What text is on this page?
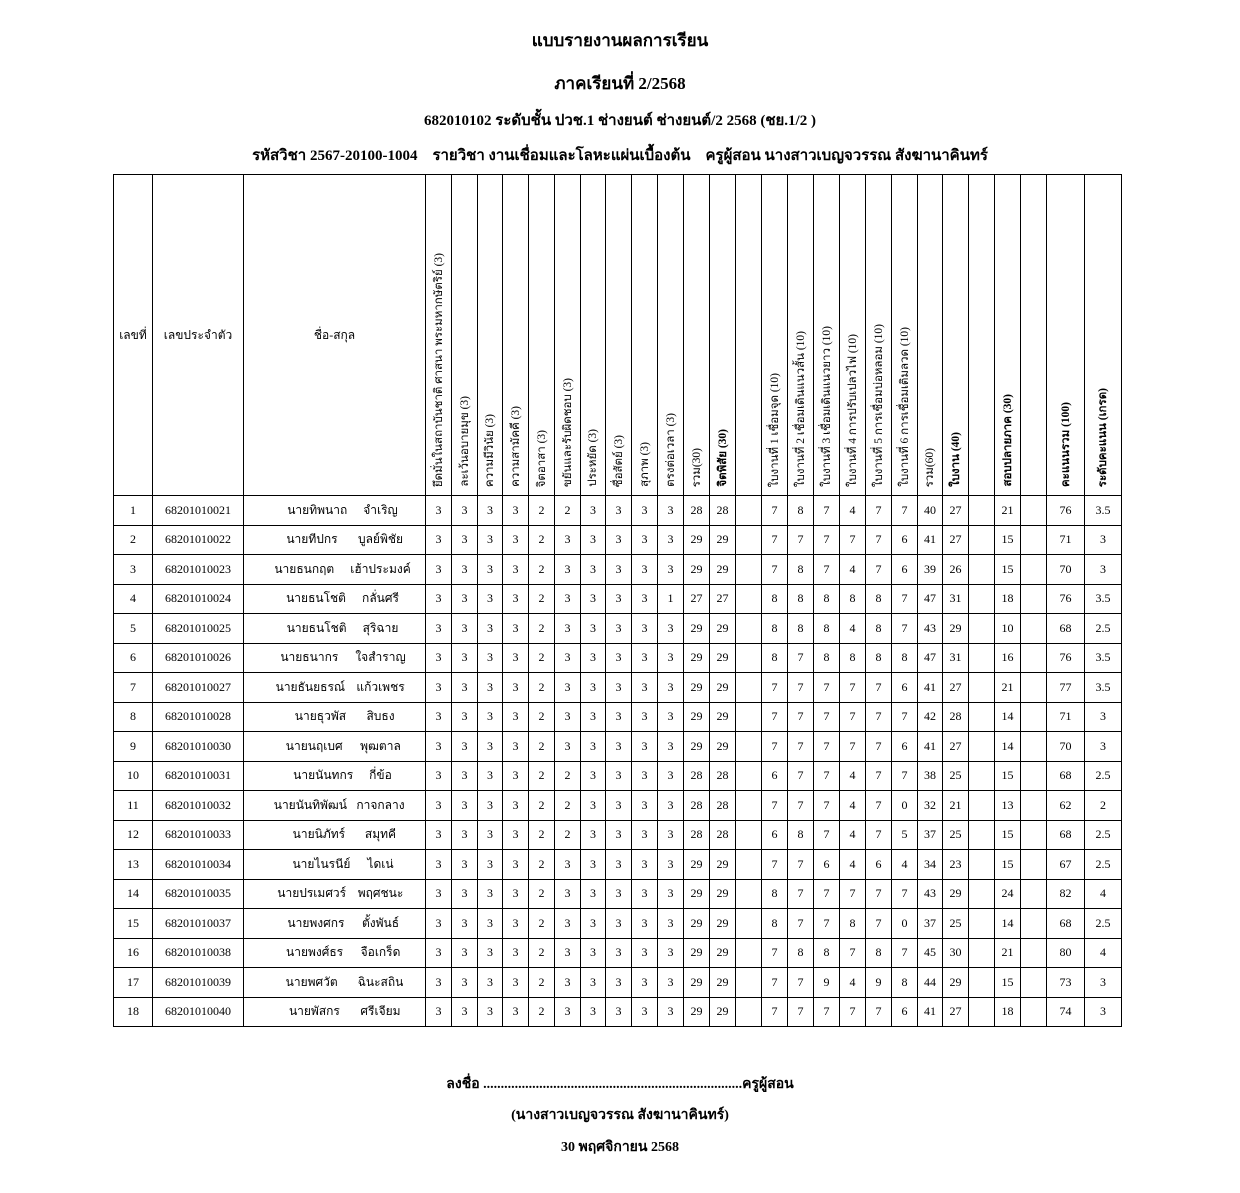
แบบรายงานผลการเรียน
ภาคเรียนที่ 2/2568
682010102 ระดับชั้น ปวช.1 ช่างยนต์ ช่างยนต์/2 2568 (ชย.1/2 )
รหัสวิชา 2567-20100-1004 รายวิชา งานเชื่อมและโลหะแผ่นเบื้องต้น ครูผู้สอน นางสาวเบญจวรรณ สังฆานาคินทร์
เลขที่	เลขประจำตัว	ชื่อ-สกุล	ยึดมั่นในสถาบันชาติ ศาสนา พระมหากษัตริย์ (3)	ละเว้นอบายมุข (3)	ความมีวินัย (3)	ความสามัคคี (3)	จิตอาสา (3)	ขยันและรับผิดชอบ (3)	ประหยัด (3)	ซื่อสัตย์ (3)	สุภาพ (3)	ตรงต่อเวลา (3)	รวม(30)	จิตพิสัย (30)		ใบงานที่ 1 เชื่อมจุด (10)	ใบงานที่ 2 เชื่อมเดินแนวสั้น (10)	ใบงานที่ 3 เชื่อมเดินแนวยาว (10)	ใบงานที่ 4 การปรับเปลวไฟ (10)	ใบงานที่ 5 การเชื่อมบ่อหลอม (10)	ใบงานที่ 6 การเชื่อมเติมลวด (10)	รวม(60)	ใบงาน (40)		สอบปลายภาค (30)		คะแนนรวม (100)	ระดับคะแนน (เกรด)
1	68201010021	นายทิพนาถ จำเริญ	3	3	3	3	2	2	3	3	3	3	28	28		7	8	7	4	7	7	40	27		21		76	3.5
2	68201010022	นายทีปกร บูลย์พิชัย	3	3	3	3	2	3	3	3	3	3	29	29		7	7	7	7	7	6	41	27		15		71	3
3	68201010023	นายธนกฤต เฮ้าประมงค์	3	3	3	3	2	3	3	3	3	3	29	29		7	8	7	4	7	6	39	26		15		70	3
4	68201010024	นายธนโชติ กลั่นศรี	3	3	3	3	2	3	3	3	3	1	27	27		8	8	8	8	8	7	47	31		18		76	3.5
5	68201010025	นายธนโชติ สุริฉาย	3	3	3	3	2	3	3	3	3	3	29	29		8	8	8	4	8	7	43	29		10		68	2.5
6	68201010026	นายธนากร ใจสำราญ	3	3	3	3	2	3	3	3	3	3	29	29		8	7	8	8	8	8	47	31		16		76	3.5
7	68201010027	นายธันยธรณ์ แก้วเพชร	3	3	3	3	2	3	3	3	3	3	29	29		7	7	7	7	7	6	41	27		21		77	3.5
8	68201010028	นายธุวพัส สิบธง	3	3	3	3	2	3	3	3	3	3	29	29		7	7	7	7	7	7	42	28		14		71	3
9	68201010030	นายนฤเบศ พุฒตาล	3	3	3	3	2	3	3	3	3	3	29	29		7	7	7	7	7	6	41	27		14		70	3
10	68201010031	นายนันทกร กี่ข้อ	3	3	3	3	2	2	3	3	3	3	28	28		6	7	7	4	7	7	38	25		15		68	2.5
11	68201010032	นายนันทิพัฒน์ กาจกลาง	3	3	3	3	2	2	3	3	3	3	28	28		7	7	7	4	7	0	32	21		13		62	2
12	68201010033	นายนิภัทร์ สมุทคี	3	3	3	3	2	2	3	3	3	3	28	28		6	8	7	4	7	5	37	25		15		68	2.5
13	68201010034	นายไนรนีย์ ไดเน่	3	3	3	3	2	3	3	3	3	3	29	29		7	7	6	4	6	4	34	23		15		67	2.5
14	68201010035	นายปรเมศวร์ พฤศชนะ	3	3	3	3	2	3	3	3	3	3	29	29		8	7	7	7	7	7	43	29		24		82	4
15	68201010037	นายพงศกร ตั้งพันธ์	3	3	3	3	2	3	3	3	3	3	29	29		8	7	7	8	7	0	37	25		14		68	2.5
16	68201010038	นายพงศ์ธร จือเกร็ด	3	3	3	3	2	3	3	3	3	3	29	29		7	8	8	7	8	7	45	30		21		80	4
17	68201010039	นายพศวัต ฉินะสถิน	3	3	3	3	2	3	3	3	3	3	29	29		7	7	9	4	9	8	44	29		15		73	3
18	68201010040	นายพัสกร ศรีเจียม	3	3	3	3	2	3	3	3	3	3	29	29		7	7	7	7	7	6	41	27		18		74	3
ลงชื่อ ..........................................................................ครูผู้สอน
(นางสาวเบญจวรรณ สังฆานาคินทร์)
30 พฤศจิกายน 2568
